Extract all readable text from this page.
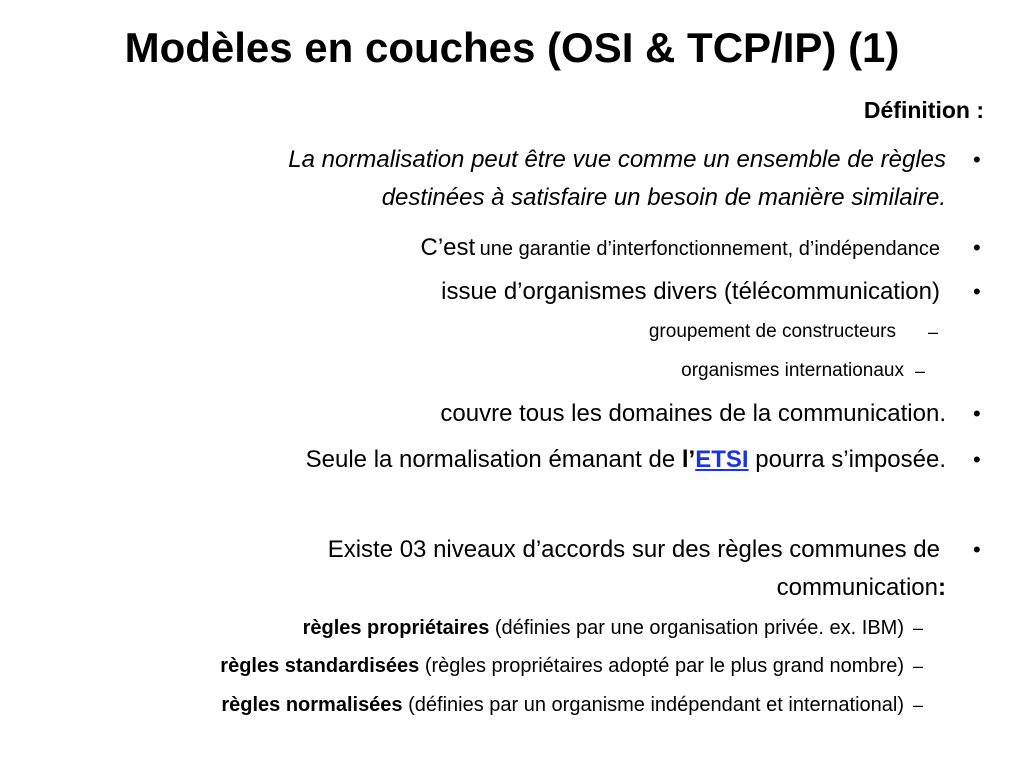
Modèles en couches (OSI & TCP/IP) (1)
Définition :
La normalisation peut être vue comme un ensemble de règles
destinées à satisfaire un besoin de manière similaire.
•
C’est une garantie d’interfonctionnement, d’indépendance •
issue d’organismes divers (télécommunication) •
groupement de constructeurs –
organismes internationaux –
couvre tous les domaines de la communication. •
Seule la normalisation émanant de l’ETSI pourra s’imposée. •
Existe 03 niveaux d’accords sur des règles communes de
communication:
•
règles propriétaires (définies par une organisation privée. ex. IBM) –
règles standardisées (règles propriétaires adopté par le plus grand nombre) –
règles normalisées (définies par un organisme indépendant et international) –
